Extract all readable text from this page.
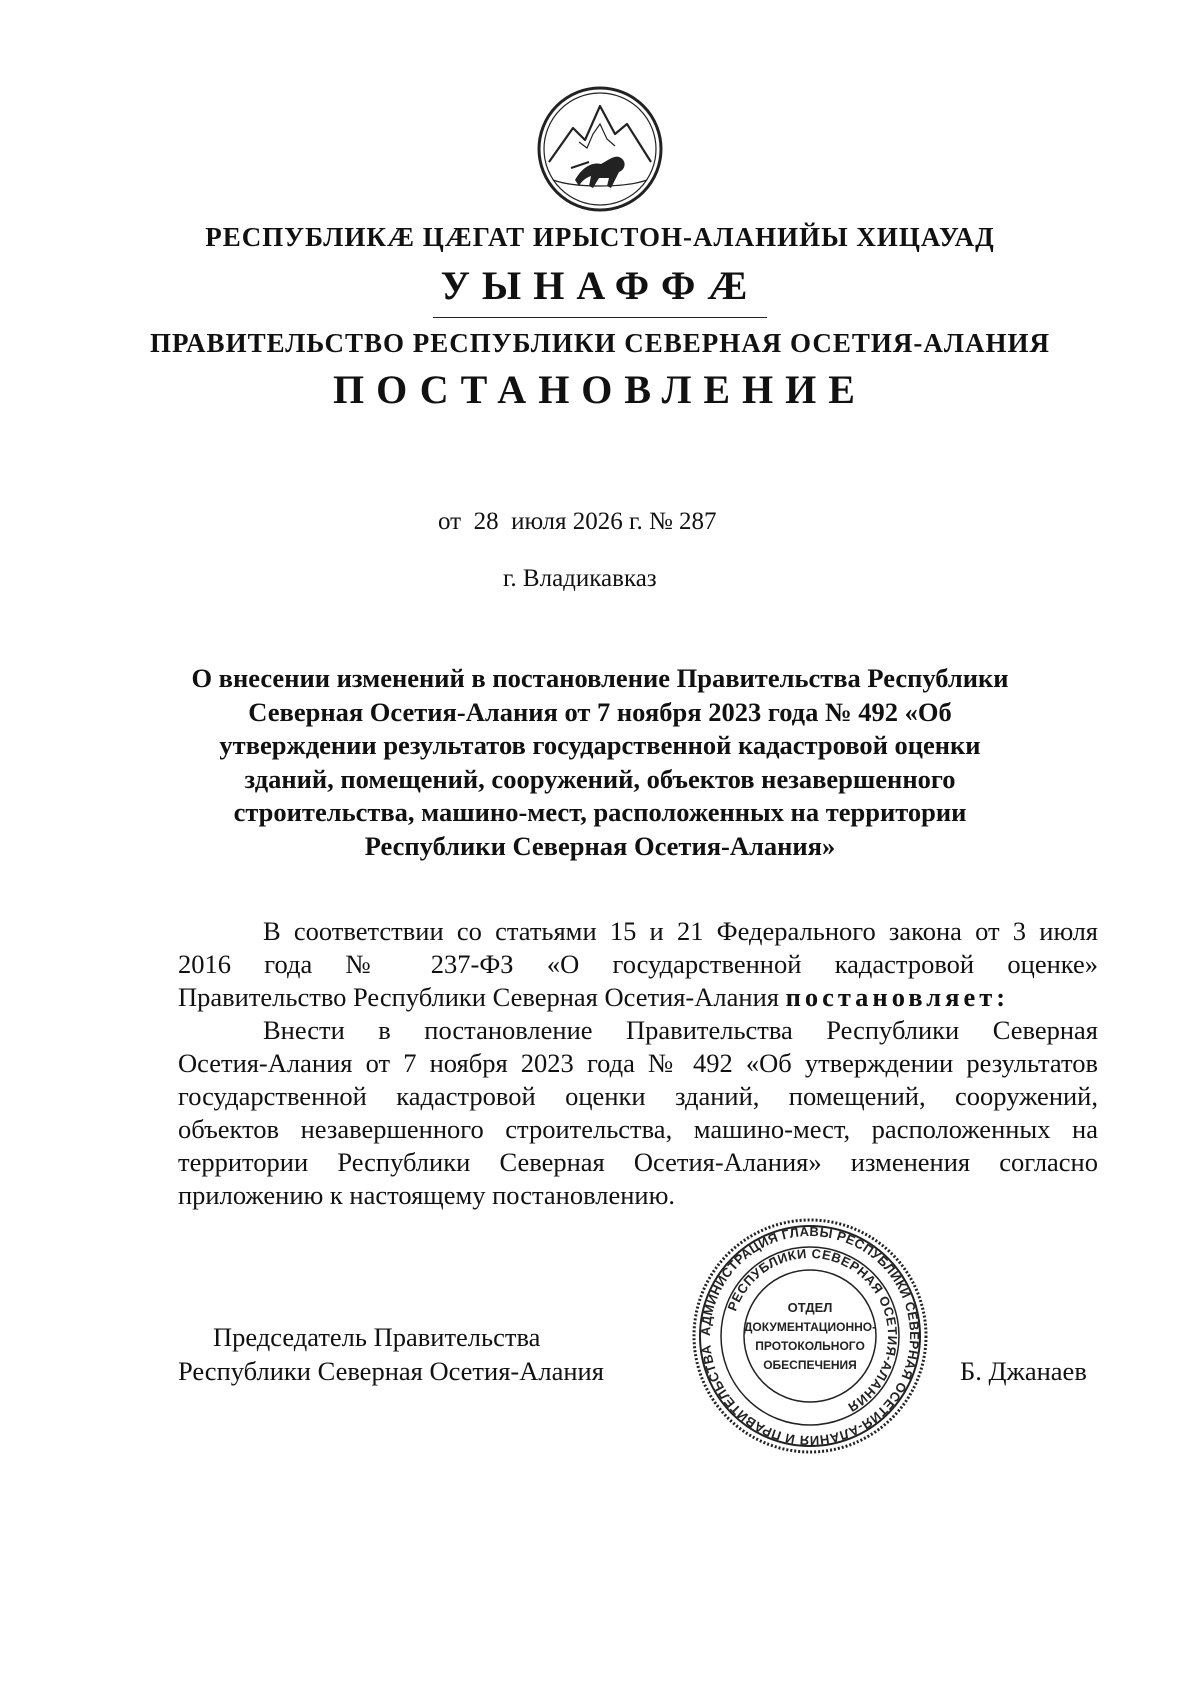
РЕСПУБЛИКӔ ЦӔГАТ ИРЫСТОН-АЛАНИЙЫ ХИЦАУАД
УЫНАФФӔ
ПРАВИТЕЛЬСТВО РЕСПУБЛИКИ СЕВЕРНАЯ ОСЕТИЯ-АЛАНИЯ
ПОСТАНОВЛЕНИЕ
от  28  июля 2026 г. № 287
г. Владикавказ
О внесении изменений в постановление Правительства Республики
Северная Осетия-Алания от 7 ноября 2023 года № 492 «Об
утверждении результатов государственной кадастровой оценки
зданий, помещений, сооружений, объектов незавершенного
строительства, машино-мест, расположенных на территории
Республики Северная Осетия-Алания»
В соответствии со статьями 15 и 21 Федерального закона от 3 июля
2016 года № 237-ФЗ «О государственной кадастровой оценке»
Правительство Республики Северная Осетия-Алания постановляет:
Внести в постановление Правительства Республики Северная
Осетия-Алания от 7 ноября 2023 года № 492 «Об утверждении результатов
государственной кадастровой оценки зданий, помещений, сооружений,
объектов незавершенного строительства, машино-мест, расположенных на
территории Республики Северная Осетия-Алания» изменения согласно
приложению к настоящему постановлению.
АДМИНИСТРАЦИЯ ГЛАВЫ РЕСПУБЛИКИ СЕВЕРНАЯ ОСЕТИЯ-АЛАНИЯ И ПРАВИТЕЛЬСТВА
РЕСПУБЛИКИ СЕВЕРНАЯ ОСЕТИЯ-АЛАНИЯ
ОТДЕЛ
ДОКУМЕНТАЦИОННО-
ПРОТОКОЛЬНОГО
ОБЕСПЕЧЕНИЯ
Председатель Правительства
Республики Северная Осетия-Алания	Б. Джанаев
